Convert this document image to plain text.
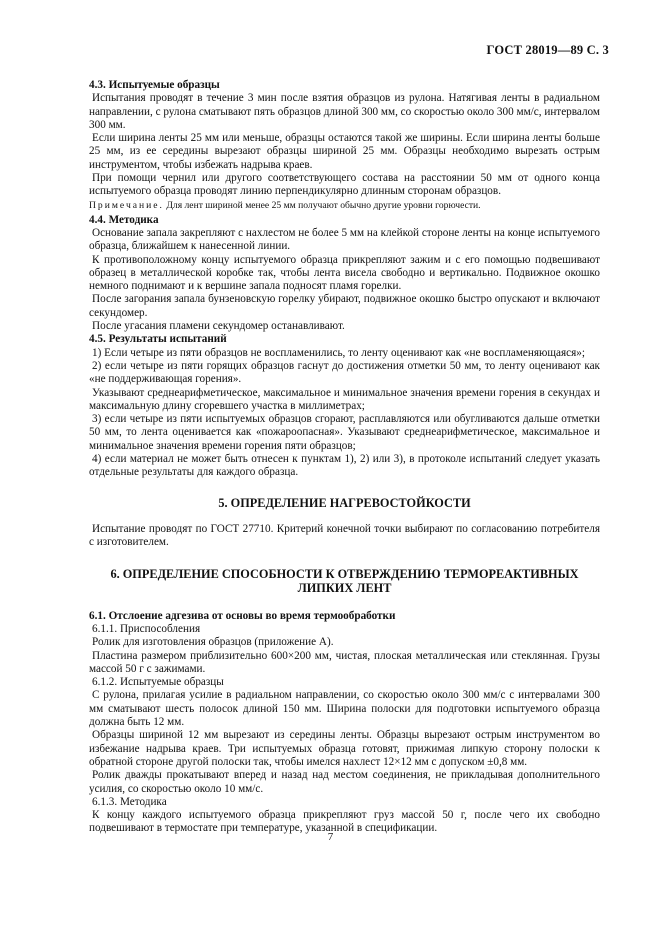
ГОСТ 28019—89 С. 3

4.3. Испытуемые образцы

Испытания проводят в течение 3 мин после взятия образцов из рулона. Натягивая ленты в радиальном направлении, с рулона сматывают пять образцов длиной 300 мм, со скоростью около 300 мм/с, интервалом 300 мм.

Если ширина ленты 25 мм или меньше, образцы остаются такой же ширины. Если ширина ленты больше 25 мм, из ее середины вырезают образцы шириной 25 мм. Образцы необходимо вырезать острым инструментом, чтобы избежать надрыва краев.

При помощи чернил или другого соответствующего состава на расстоянии 50 мм от одного конца испытуемого образца проводят линию перпендикулярно длинным сторонам образцов.

Примечание. Для лент шириной менее 25 мм получают обычно другие уровни горючести.

4.4. Методика

Основание запала закрепляют с нахлестом не более 5 мм на клейкой стороне ленты на конце испытуемого образца, ближайшем к нанесенной линии.

К противоположному концу испытуемого образца прикрепляют зажим и с его помощью подвешивают образец в металлической коробке так, чтобы лента висела свободно и вертикально. Подвижное окошко немного поднимают и к вершине запала подносят пламя горелки.

После загорания запала бунзеновскую горелку убирают, подвижное окошко быстро опускают и включают секундомер.

После угасания пламени секундомер останавливают.

4.5. Результаты испытаний

1) Если четыре из пяти образцов не воспламенились, то ленту оценивают как «не воспламеняющаяся»;

2) если четыре из пяти горящих образцов гаснут до достижения отметки 50 мм, то ленту оценивают как «не поддерживающая горения».

Указывают среднеарифметическое, максимальное и минимальное значения времени горения в секундах и максимальную длину сгоревшего участка в миллиметрах;

3) если четыре из пяти испытуемых образцов сгорают, расплавляются или обугливаются дальше отметки 50 мм, то лента оценивается как «пожароопасная». Указывают среднеарифметическое, максимальное и минимальное значения времени горения пяти образцов;

4) если материал не может быть отнесен к пунктам 1), 2) или 3), в протоколе испытаний следует указать отдельные результаты для каждого образца.

5. ОПРЕДЕЛЕНИЕ НАГРЕВОСТОЙКОСТИ

Испытание проводят по ГОСТ 27710. Критерий конечной точки выбирают по согласованию потребителя с изготовителем.

6. ОПРЕДЕЛЕНИЕ СПОСОБНОСТИ К ОТВЕРЖДЕНИЮ ТЕРМОРЕАКТИВНЫХ
ЛИПКИХ ЛЕНТ

6.1. Отслоение адгезива от основы во время термообработки

6.1.1. Приспособления

Ролик для изготовления образцов (приложение А).

Пластина размером приблизительно 600×200 мм, чистая, плоская металлическая или стеклянная. Грузы массой 50 г с зажимами.

6.1.2. Испытуемые образцы

С рулона, прилагая усилие в радиальном направлении, со скоростью около 300 мм/с с интервалами 300 мм сматывают шесть полосок длиной 150 мм. Ширина полоски для подготовки испытуемого образца должна быть 12 мм.

Образцы шириной 12 мм вырезают из середины ленты. Образцы вырезают острым инструментом во избежание надрыва краев. Три испытуемых образца готовят, прижимая липкую сторону полоски к обратной стороне другой полоски так, чтобы имелся нахлест 12×12 мм с допуском ±0,8 мм.

Ролик дважды прокатывают вперед и назад над местом соединения, не прикладывая дополнительного усилия, со скоростью около 10 мм/с.

6.1.3. Методика

К концу каждого испытуемого образца прикрепляют груз массой 50 г, после чего их свободно подвешивают в термостате при температуре, указанной в спецификации.

7
